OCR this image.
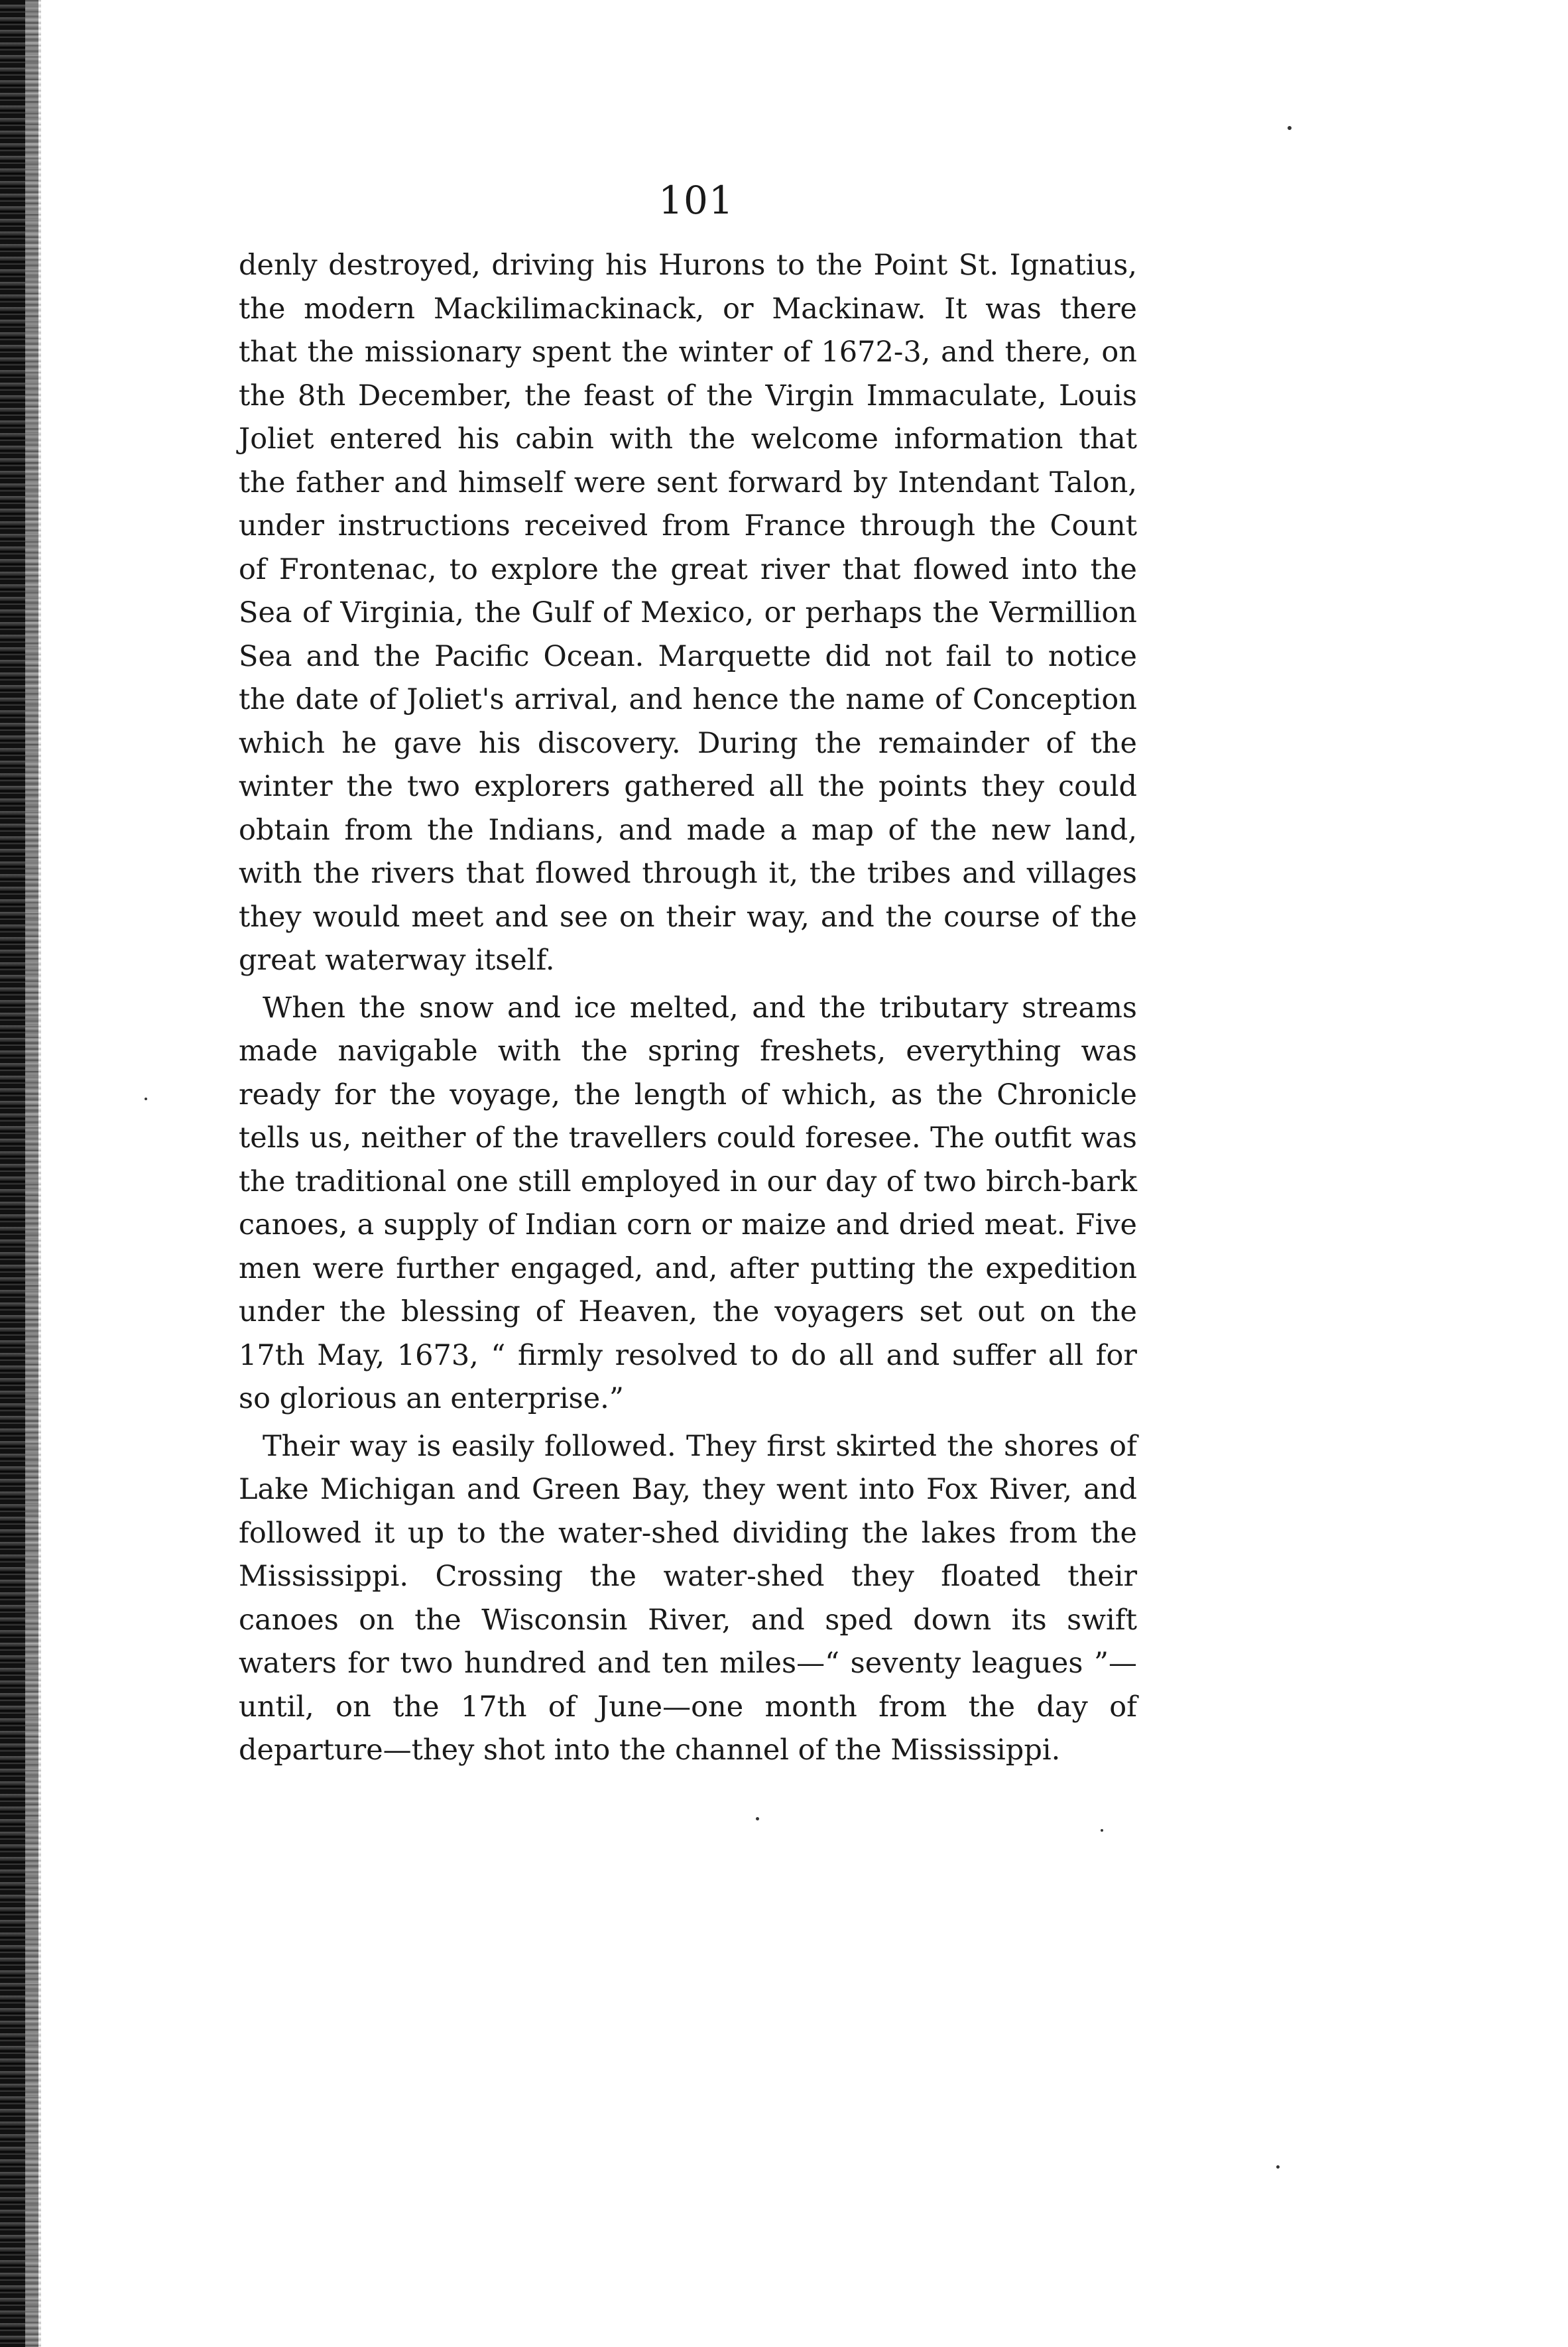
101

denly destroyed, driving his Hurons to the Point St. Ignatius, the modern Mackilimackinack, or Mackinaw. It was there that the missionary spent the winter of 1672-3, and there, on the 8th December, the feast of the Virgin Immaculate, Louis Joliet entered his cabin with the welcome information that the father and himself were sent forward by Intendant Talon, under instructions received from France through the Count of Frontenac, to explore the great river that flowed into the Sea of Virginia, the Gulf of Mexico, or perhaps the Vermillion Sea and the Pacific Ocean. Marquette did not fail to notice the date of Joliet's arrival, and hence the name of Conception which he gave his discovery. During the remainder of the winter the two explorers gathered all the points they could obtain from the Indians, and made a map of the new land, with the rivers that flowed through it, the tribes and villages they would meet and see on their way, and the course of the great waterway itself.

When the snow and ice melted, and the tributary streams made navigable with the spring freshets, everything was ready for the voyage, the length of which, as the Chronicle tells us, neither of the travellers could foresee. The outfit was the traditional one still employed in our day of two birch-bark canoes, a supply of Indian corn or maize and dried meat. Five men were further engaged, and, after putting the expedition under the blessing of Heaven, the voyagers set out on the 17th May, 1673, “ firmly resolved to do all and suffer all for so glorious an enterprise.”

Their way is easily followed. They first skirted the shores of Lake Michigan and Green Bay, they went into Fox River, and followed it up to the water-shed dividing the lakes from the Mississippi. Crossing the water-shed they floated their canoes on the Wisconsin River, and sped down its swift waters for two hundred and ten miles—“ seventy leagues ”—until, on the 17th of June—one month from the day of departure—they shot into the channel of the Mississippi.
